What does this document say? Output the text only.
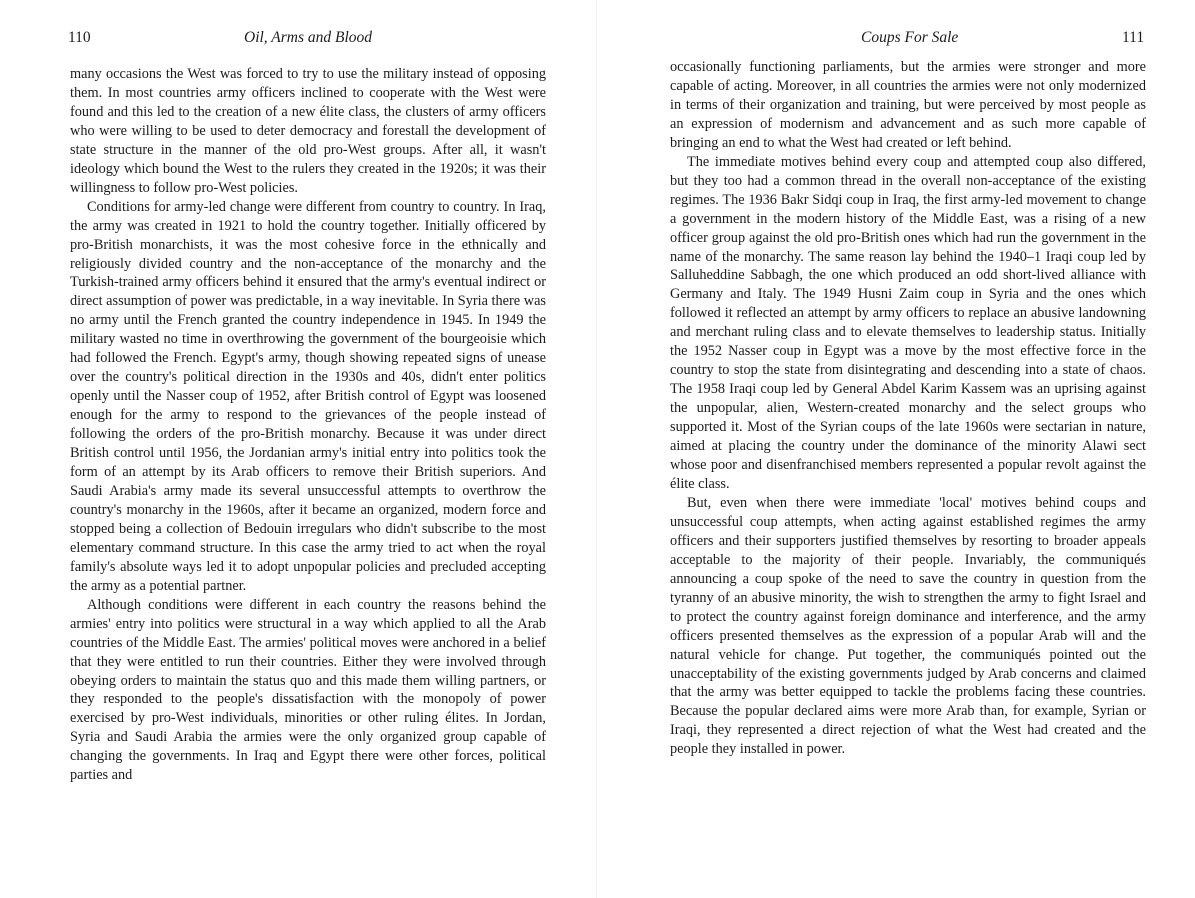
110	Oil, Arms and Blood

many occasions the West was forced to try to use the military instead of opposing them. In most countries army officers inclined to cooperate with the West were found and this led to the creation of a new élite class, the clusters of army officers who were willing to be used to deter democracy and forestall the development of state structure in the manner of the old pro-West groups. After all, it wasn't ideology which bound the West to the rulers they created in the 1920s; it was their willingness to follow pro-West policies.

Conditions for army-led change were different from country to country. In Iraq, the army was created in 1921 to hold the country together. Initially officered by pro-British monarchists, it was the most cohesive force in the ethnically and religiously divided country and the non-acceptance of the monarchy and the Turkish-trained army officers behind it ensured that the army's eventual indirect or direct assumption of power was predictable, in a way inevitable. In Syria there was no army until the French granted the country independence in 1945. In 1949 the military wasted no time in overthrowing the government of the bourgeoisie which had followed the French. Egypt's army, though showing repeated signs of unease over the country's political direction in the 1930s and 40s, didn't enter politics openly until the Nasser coup of 1952, after British control of Egypt was loosened enough for the army to respond to the grievances of the people instead of following the orders of the pro-British monarchy. Because it was under direct British control until 1956, the Jordanian army's initial entry into politics took the form of an attempt by its Arab officers to remove their British superiors. And Saudi Arabia's army made its several unsuccessful attempts to overthrow the country's monarchy in the 1960s, after it became an organized, modern force and stopped being a collection of Bedouin irregulars who didn't subscribe to the most elementary command structure. In this case the army tried to act when the royal family's absolute ways led it to adopt unpopular policies and precluded accepting the army as a potential partner.

Although conditions were different in each country the reasons behind the armies' entry into politics were structural in a way which applied to all the Arab countries of the Middle East. The armies' political moves were anchored in a belief that they were entitled to run their countries. Either they were involved through obeying orders to maintain the status quo and this made them willing partners, or they responded to the people's dissatisfaction with the monopoly of power exercised by pro-West individuals, minorities or other ruling élites. In Jordan, Syria and Saudi Arabia the armies were the only organized group capable of changing the governments. In Iraq and Egypt there were other forces, political parties and

Coups For Sale	111

occasionally functioning parliaments, but the armies were stronger and more capable of acting. Moreover, in all countries the armies were not only modernized in terms of their organization and training, but were perceived by most people as an expression of modernism and advancement and as such more capable of bringing an end to what the West had created or left behind.

The immediate motives behind every coup and attempted coup also differed, but they too had a common thread in the overall non-acceptance of the existing regimes. The 1936 Bakr Sidqi coup in Iraq, the first army-led movement to change a government in the modern history of the Middle East, was a rising of a new officer group against the old pro-British ones which had run the government in the name of the monarchy. The same reason lay behind the 1940–1 Iraqi coup led by Salluheddine Sabbagh, the one which produced an odd short-lived alliance with Germany and Italy. The 1949 Husni Zaim coup in Syria and the ones which followed it reflected an attempt by army officers to replace an abusive landowning and merchant ruling class and to elevate themselves to leadership status. Initially the 1952 Nasser coup in Egypt was a move by the most effective force in the country to stop the state from disintegrating and descending into a state of chaos. The 1958 Iraqi coup led by General Abdel Karim Kassem was an uprising against the unpopular, alien, Western-created monarchy and the select groups who supported it. Most of the Syrian coups of the late 1960s were sectarian in nature, aimed at placing the country under the dominance of the minority Alawi sect whose poor and disenfranchised members represented a popular revolt against the élite class.

But, even when there were immediate 'local' motives behind coups and unsuccessful coup attempts, when acting against established regimes the army officers and their supporters justified themselves by resorting to broader appeals acceptable to the majority of their people. Invariably, the communiqués announcing a coup spoke of the need to save the country in question from the tyranny of an abusive minority, the wish to strengthen the army to fight Israel and to protect the country against foreign dominance and interference, and the army officers presented themselves as the expression of a popular Arab will and the natural vehicle for change. Put together, the communiqués pointed out the unacceptability of the existing governments judged by Arab concerns and claimed that the army was better equipped to tackle the problems facing these countries. Because the popular declared aims were more Arab than, for example, Syrian or Iraqi, they represented a direct rejection of what the West had created and the people they installed in power.
